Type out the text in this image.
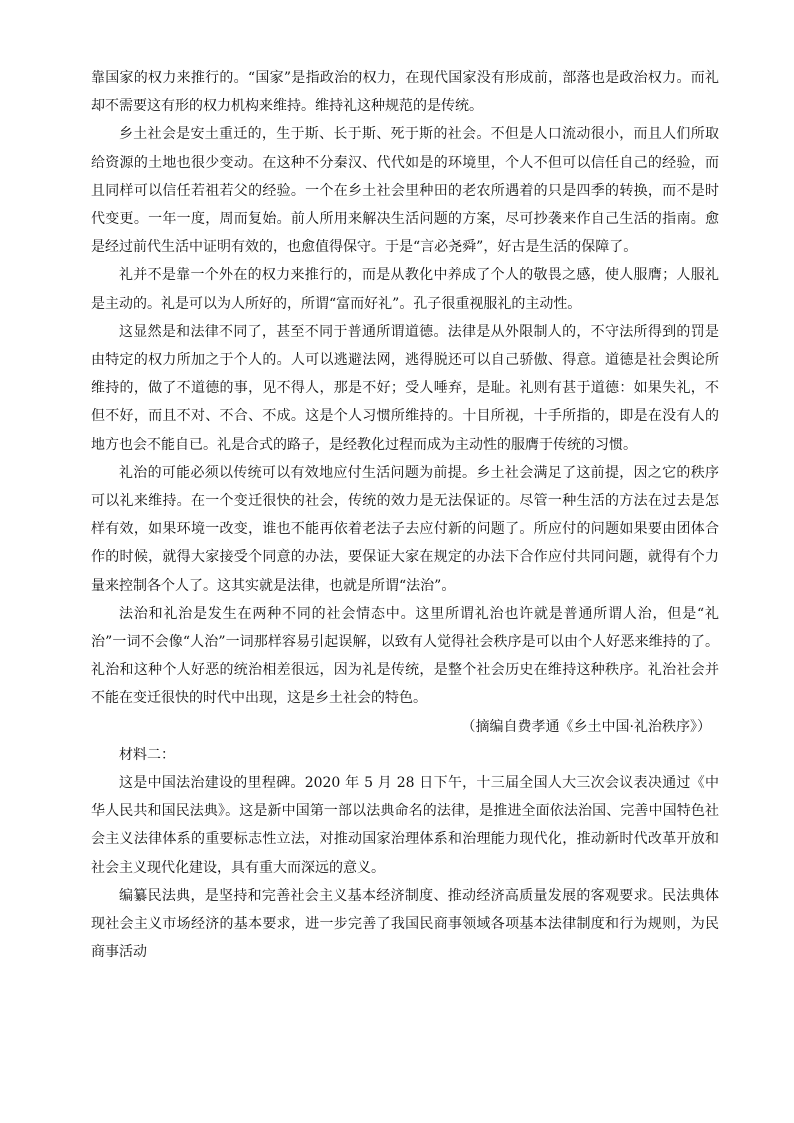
靠国家的权力来推行的。“国家”是指政治的权力，在现代国家没有形成前，部落也是政治权力。而礼却不需要这有形的权力机构来维持。维持礼这种规范的是传统。

乡土社会是安土重迁的，生于斯、长于斯、死于斯的社会。不但是人口流动很小，而且人们所取给资源的土地也很少变动。在这种不分秦汉、代代如是的环境里，个人不但可以信任自己的经验，而且同样可以信任若祖若父的经验。一个在乡土社会里种田的老农所遇着的只是四季的转换，而不是时代变更。一年一度，周而复始。前人所用来解决生活问题的方案，尽可抄袭来作自己生活的指南。愈是经过前代生活中证明有效的，也愈值得保守。于是“言必尧舜”，好古是生活的保障了。

礼并不是靠一个外在的权力来推行的，而是从教化中养成了个人的敬畏之感，使人服膺；人服礼是主动的。礼是可以为人所好的，所谓“富而好礼”。孔子很重视服礼的主动性。

这显然是和法律不同了，甚至不同于普通所谓道德。法律是从外限制人的，不守法所得到的罚是由特定的权力所加之于个人的。人可以逃避法网，逃得脱还可以自己骄傲、得意。道德是社会舆论所维持的，做了不道德的事，见不得人，那是不好；受人唾弃，是耻。礼则有甚于道德：如果失礼，不但不好，而且不对、不合、不成。这是个人习惯所维持的。十目所视，十手所指的，即是在没有人的地方也会不能自已。礼是合式的路子，是经教化过程而成为主动性的服膺于传统的习惯。

礼治的可能必须以传统可以有效地应付生活问题为前提。乡土社会满足了这前提，因之它的秩序可以礼来维持。在一个变迁很快的社会，传统的效力是无法保证的。尽管一种生活的方法在过去是怎样有效，如果环境一改变，谁也不能再依着老法子去应付新的问题了。所应付的问题如果要由团体合作的时候，就得大家接受个同意的办法，要保证大家在规定的办法下合作应付共同问题，就得有个力量来控制各个人了。这其实就是法律，也就是所谓“法治”。

法治和礼治是发生在两种不同的社会情态中。这里所谓礼治也许就是普通所谓人治，但是“礼治”一词不会像“人治”一词那样容易引起误解，以致有人觉得社会秩序是可以由个人好恶来维持的了。礼治和这种个人好恶的统治相差很远，因为礼是传统，是整个社会历史在维持这种秩序。礼治社会并不能在变迁很快的时代中出现，这是乡土社会的特色。

（摘编自费孝通《乡土中国·礼治秩序》）

材料二：

这是中国法治建设的里程碑。2020 年 5 月 28 日下午，十三届全国人大三次会议表决通过《中华人民共和国民法典》。这是新中国第一部以法典命名的法律，是推进全面依法治国、完善中国特色社会主义法律体系的重要标志性立法，对推动国家治理体系和治理能力现代化，推动新时代改革开放和社会主义现代化建设，具有重大而深远的意义。

编纂民法典，是坚持和完善社会主义基本经济制度、推动经济高质量发展的客观要求。民法典体现社会主义市场经济的基本要求，进一步完善了我国民商事领域各项基本法律制度和行为规则，为民商事活动
